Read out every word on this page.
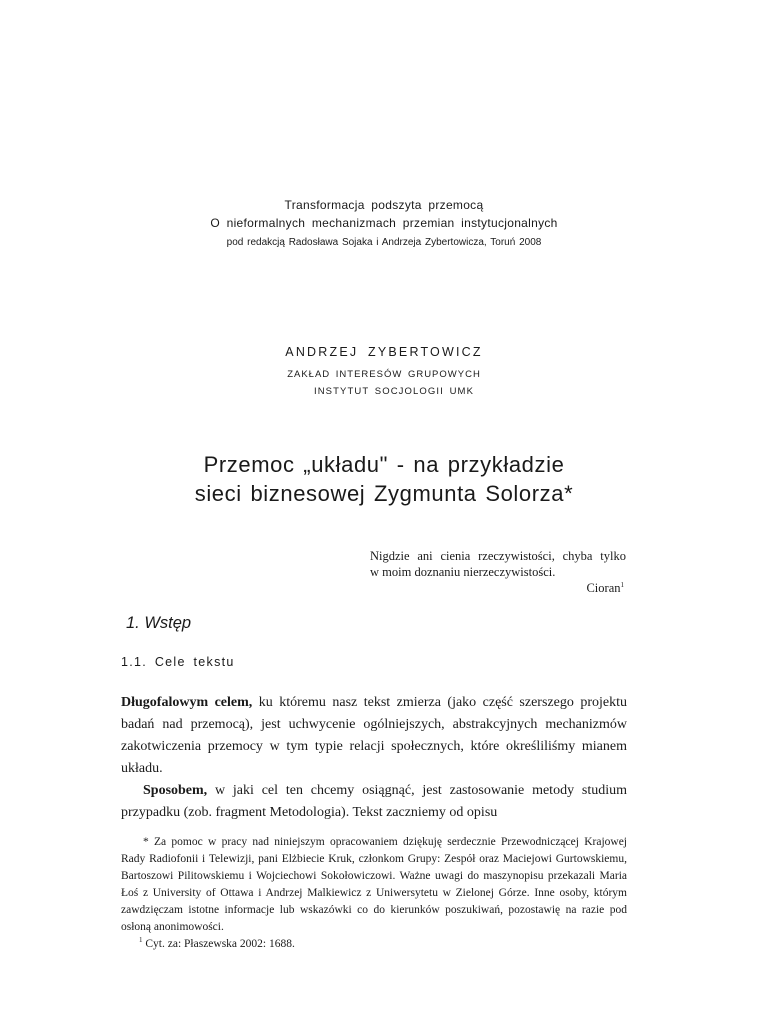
Transformacja podszyta przemocą
O nieformalnych mechanizmach przemian instytucjonalnych
pod redakcją Radosława Sojaka i Andrzeja Zybertowicza, Toruń 2008
ANDRZEJ ZYBERTOWICZ
ZAKŁAD INTERESÓW GRUPOWYCH
INSTYTUT SOCJOLOGII UMK
Przemoc „układu" - na przykładzie
sieci biznesowej Zygmunta Solorza*
Nigdzie ani cienia rzeczywistości, chyba tylko
w moim doznaniu nierzeczywistości.
Cioran$^1$
1. Wstęp
1.1. Cele tekstu

Długofalowym celem, ku któremu nasz tekst zmierza (jako część szerszego projektu badań nad przemocą), jest uchwycenie ogólniejszych, abstrakcyjnych mechanizmów zakotwiczenia przemocy w tym typie relacji społecznych, które określiliśmy mianem układu.

Sposobem, w jaki cel ten chcemy osiągnąć, jest zastosowanie metody studium przypadku (zob. fragment Metodologia). Tekst zaczniemy od opisu

* Za pomoc w pracy nad niniejszym opracowaniem dziękuję serdecznie Przewodniczącej Krajowej Rady Radiofonii i Telewizji, pani Elżbiecie Kruk, członkom Grupy: Zespół oraz Maciejowi Gurtowskiemu, Bartoszowi Pilitowskiemu i Wojciechowi Sokołowiczowi. Ważne uwagi do maszynopisu przekazali Maria Łoś z University of Ottawa i Andrzej Malkiewicz z Uniwersytetu w Zielonej Górze. Inne osoby, którym zawdzięczam istotne informacje lub wskazówki co do kierunków poszukiwań, pozostawię na razie pod osłoną anonimowości.

$^1$ Cyt. za: Płaszewska 2002: 1688.
